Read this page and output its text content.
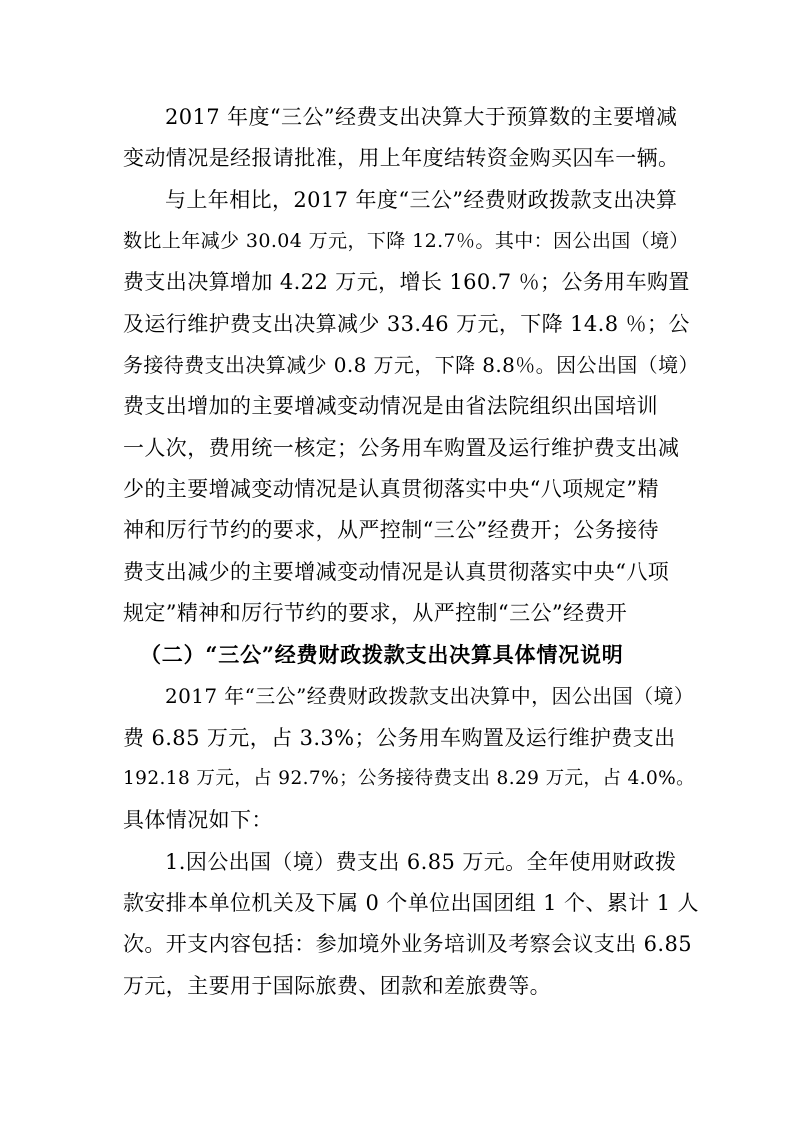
2017 年度“三公”经费支出决算大于预算数的主要增减
变动情况是经报请批准，用上年度结转资金购买囚车一辆。
与上年相比，2017 年度“三公”经费财政拨款支出决算
数比上年减少 30.04 万元，下降 12.7％。其中：因公出国（境）
费支出决算增加 4.22 万元，增长 160.7 ％；公务用车购置
及运行维护费支出决算减少 33.46 万元，下降 14.8 ％；公
务接待费支出决算减少 0.8 万元，下降 8.8％。因公出国（境）
费支出增加的主要增减变动情况是由省法院组织出国培训
一人次，费用统一核定；公务用车购置及运行维护费支出减
少的主要增减变动情况是认真贯彻落实中央“八项规定”精
神和厉行节约的要求，从严控制“三公”经费开；公务接待
费支出减少的主要增减变动情况是认真贯彻落实中央“八项
规定”精神和厉行节约的要求，从严控制“三公”经费开
（二）“三公”经费财政拨款支出决算具体情况说明
2017 年“三公”经费财政拨款支出决算中，因公出国（境）
费 6.85 万元，占 3.3%；公务用车购置及运行维护费支出
192.18 万元，占 92.7%；公务接待费支出 8.29 万元，占 4.0%。
具体情况如下：
1.因公出国（境）费支出 6.85 万元。全年使用财政拨
款安排本单位机关及下属 0 个单位出国团组 1 个、累计 1 人
次。开支内容包括：参加境外业务培训及考察会议支出 6.85
万元，主要用于国际旅费、团款和差旅费等。
